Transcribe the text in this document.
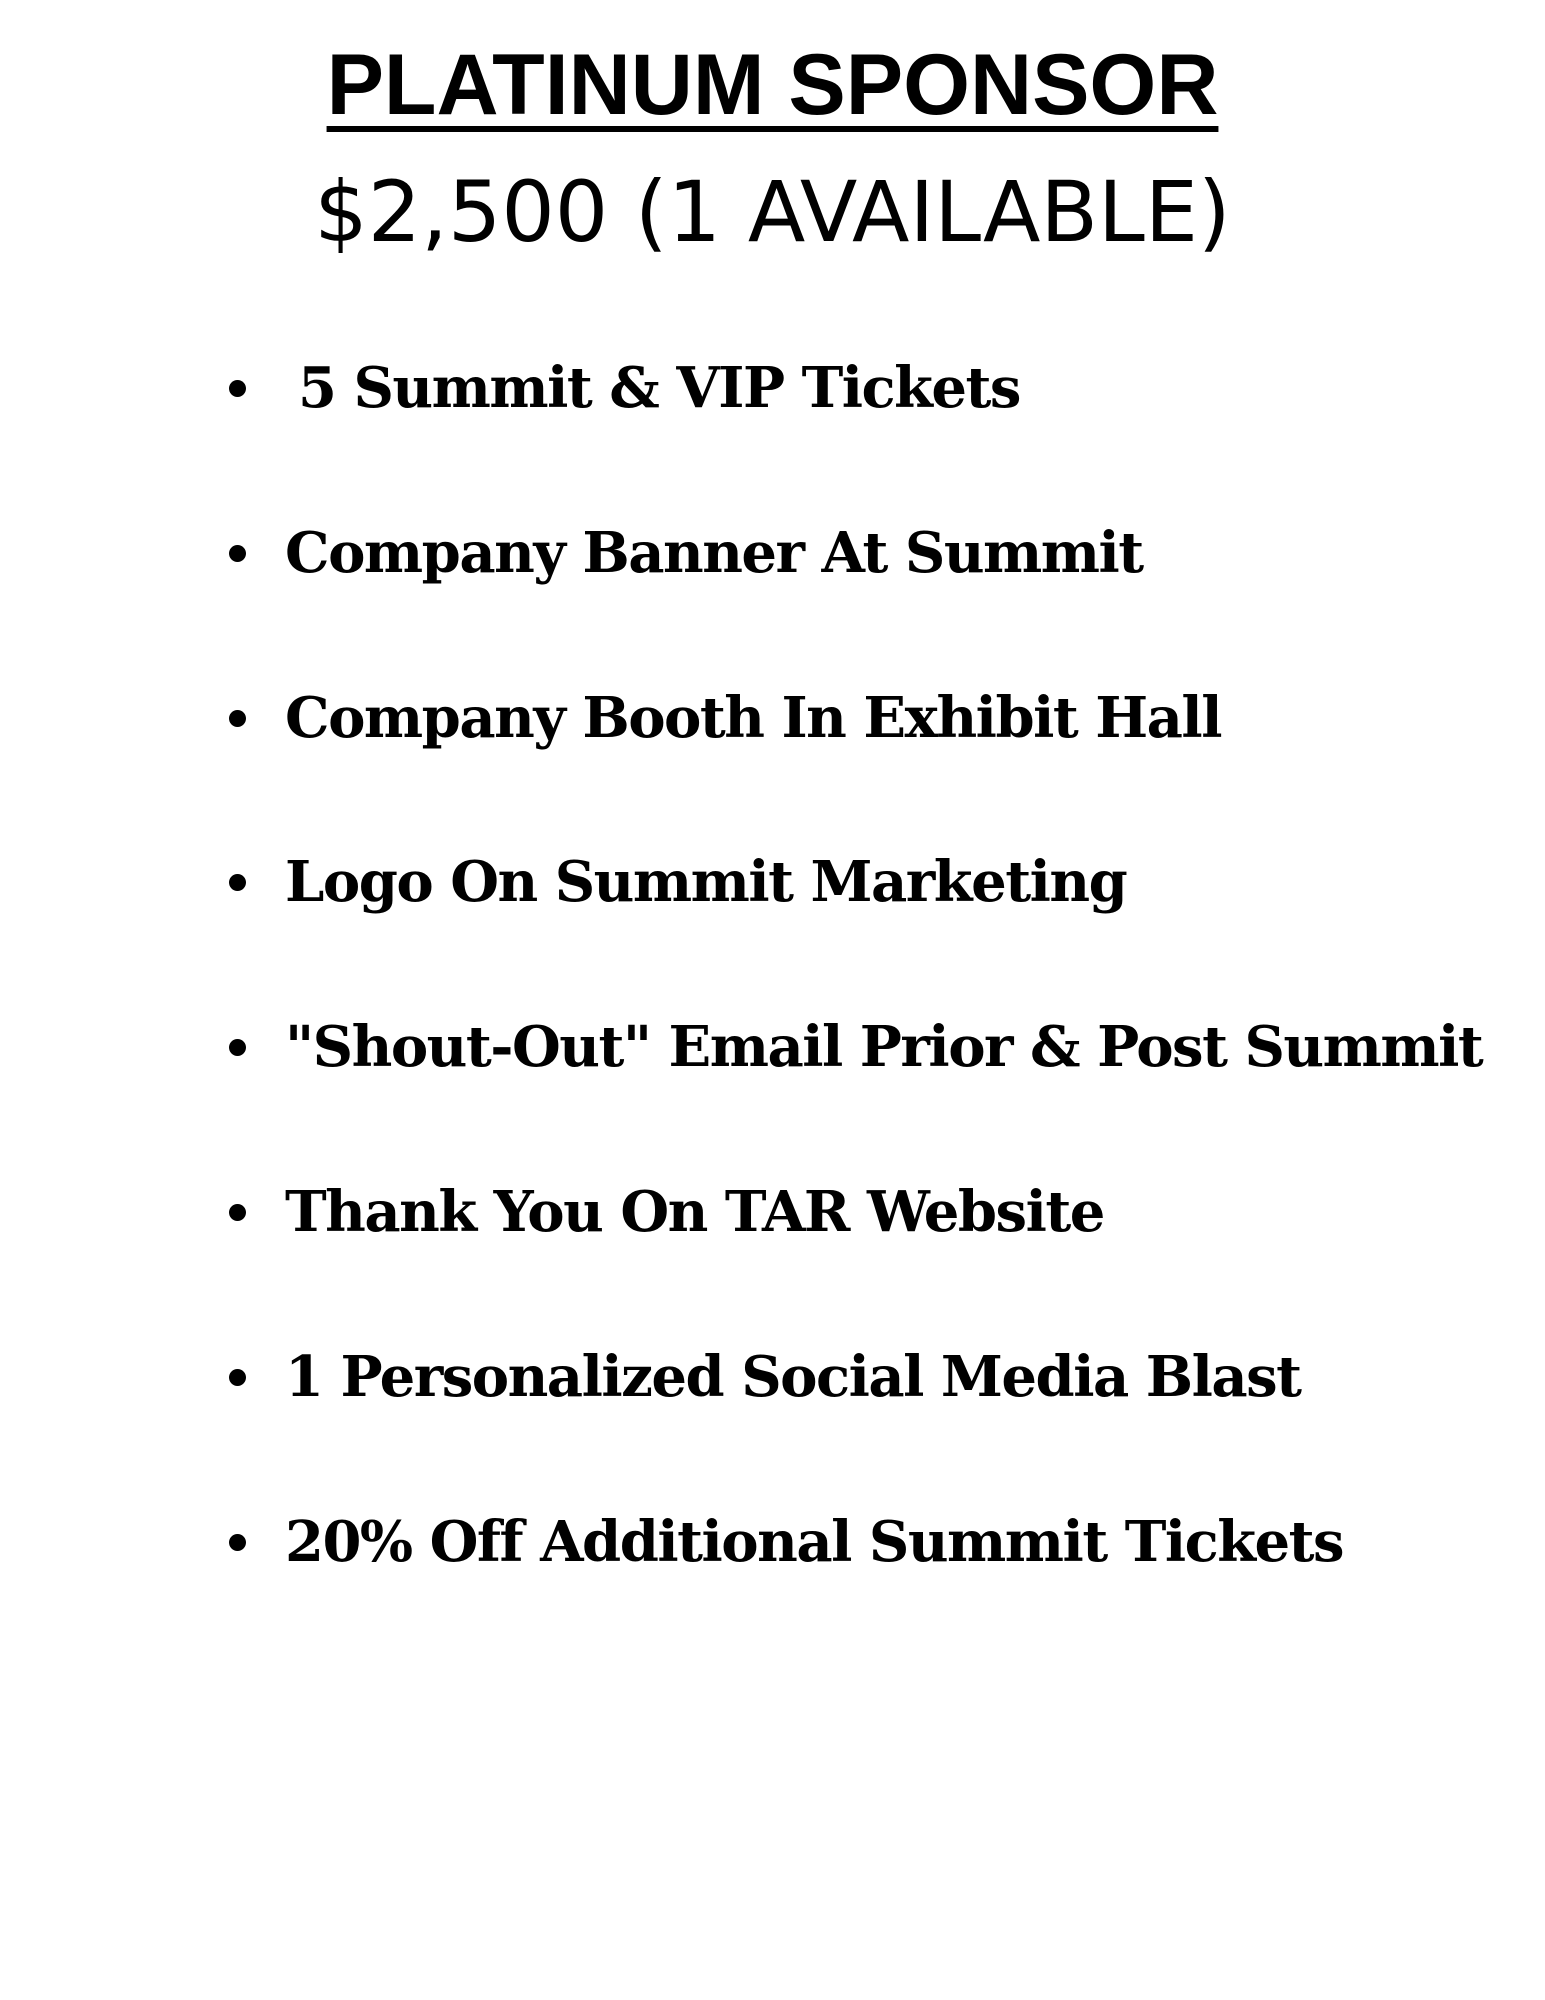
PLATINUM SPONSOR
$2,500 (1 AVAILABLE)
5 Summit & VIP Tickets
Company Banner At Summit
Company Booth In Exhibit Hall
Logo On Summit Marketing
"Shout-Out" Email Prior & Post Summit
Thank You On TAR Website
1 Personalized Social Media Blast
20% Off Additional Summit Tickets
